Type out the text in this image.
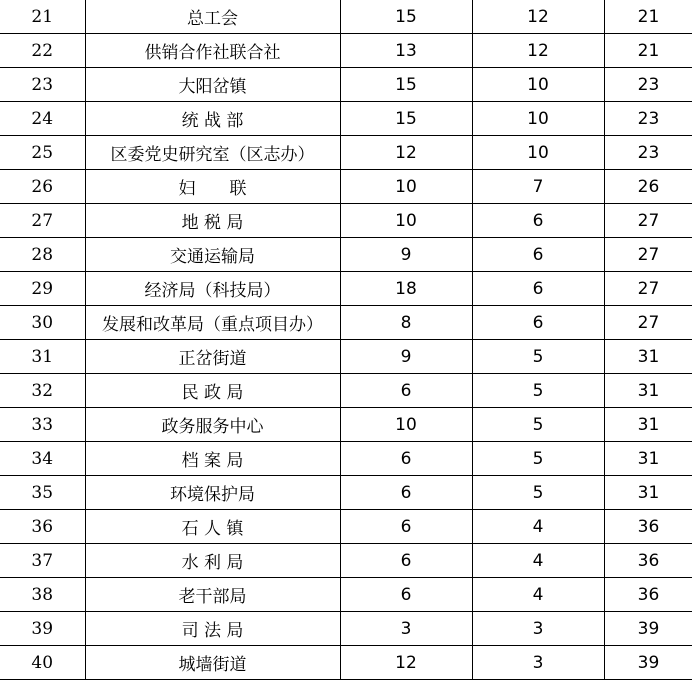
21	总工会	15	12	21
22	供销合作社联合社	13	12	21
23	大阳岔镇	15	10	23
24	统 战 部	15	10	23
25	区委党史研究室（区志办）	12	10	23
26	妇　　联	10	7	26
27	地 税 局	10	6	27
28	交通运输局	9	6	27
29	经济局（科技局）	18	6	27
30	发展和改革局（重点项目办）	8	6	27
31	正岔街道	9	5	31
32	民 政 局	6	5	31
33	政务服务中心	10	5	31
34	档 案 局	6	5	31
35	环境保护局	6	5	31
36	石 人 镇	6	4	36
37	水 利 局	6	4	36
38	老干部局	6	4	36
39	司 法 局	3	3	39
40	城墙街道	12	3	39
